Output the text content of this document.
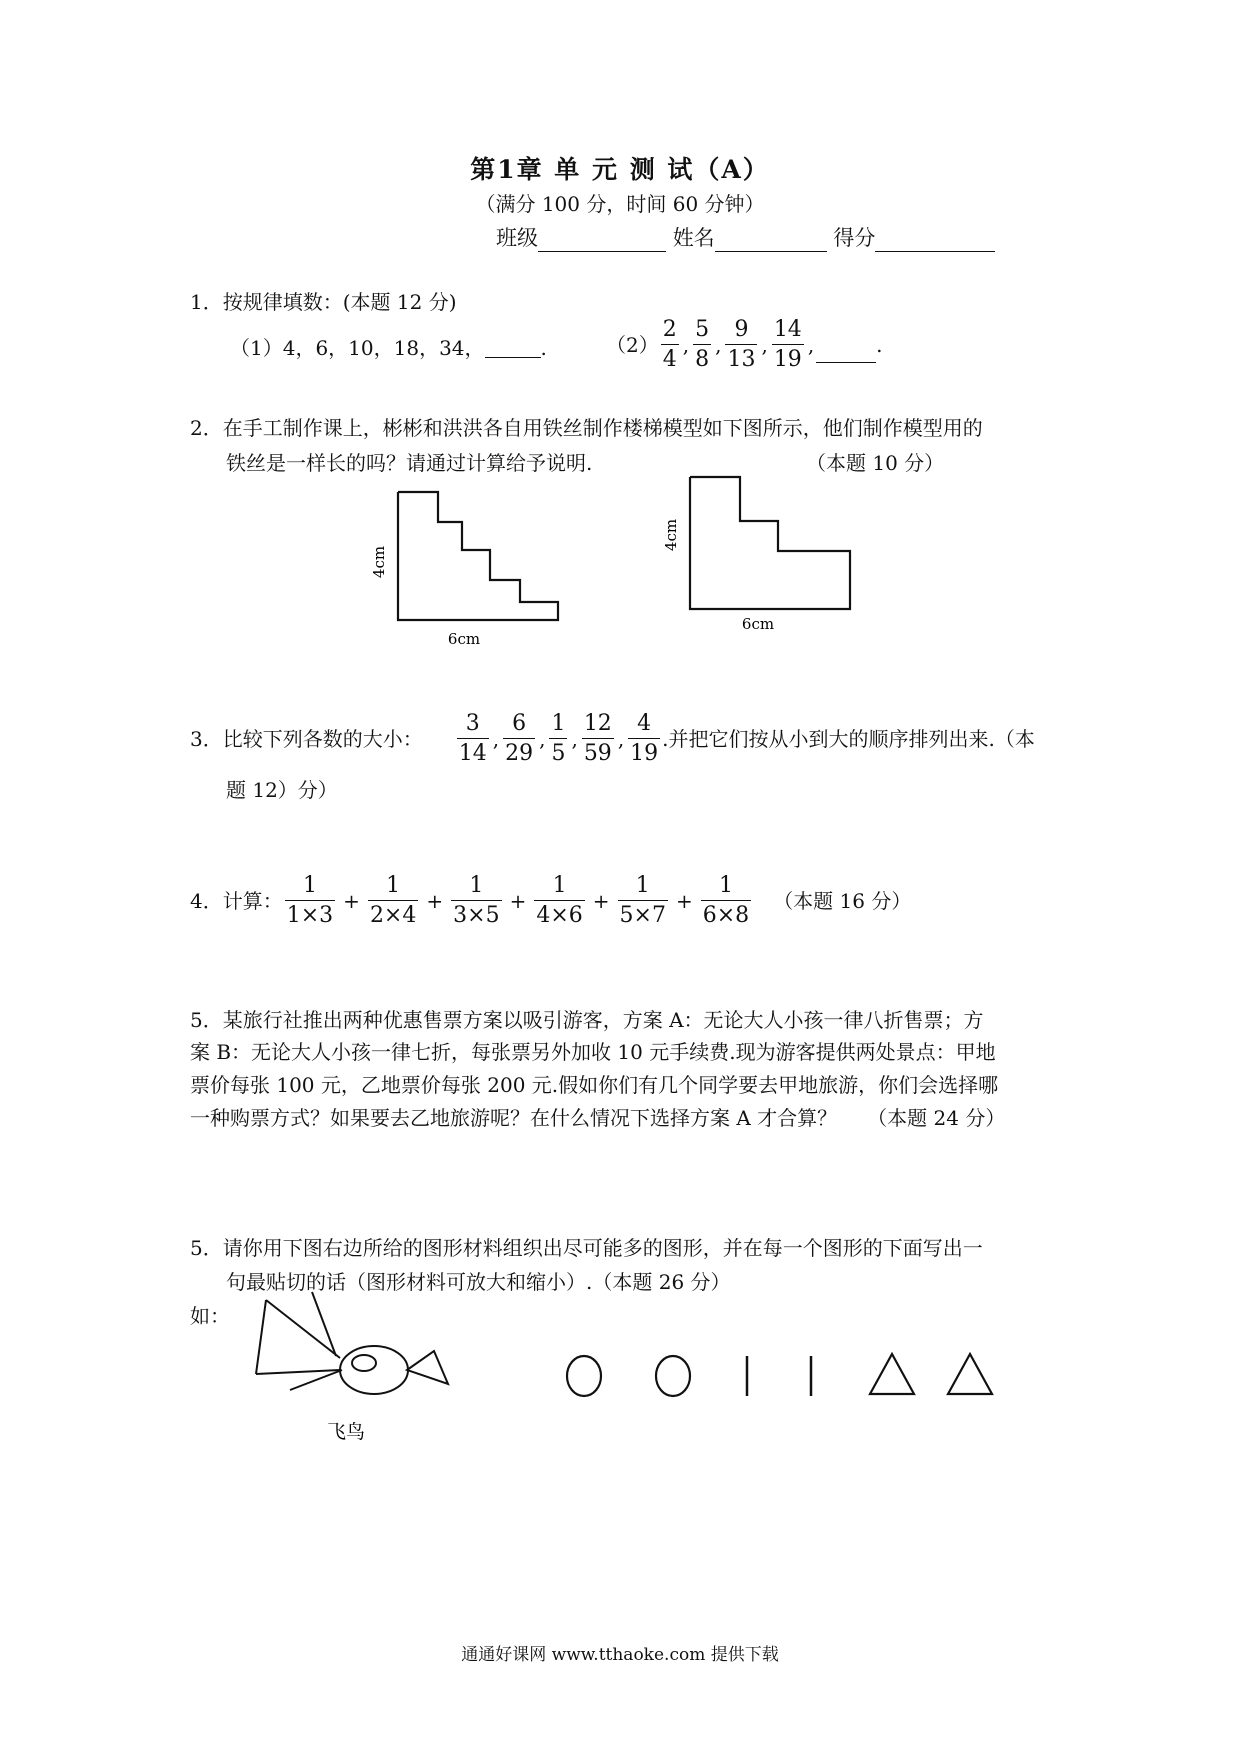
第1章 单 元 测 试（A）
（满分 100 分，时间 60 分钟）
班级	姓名	得分
1．按规律填数：(本题 12 分)
（1）4，6，10，18，34，	.	$(2) \frac{2}{4}$ , $\frac{5}{8}$ , $\frac{9}{13}$ , $\frac{14}{19}$ ,	.
2．在手工制作课上，彬彬和洪洪各自用铁丝制作楼梯模型如下图所示，他们制作模型用的
铁丝是一样长的吗？请通过计算给予说明.	（本题 10 分）
4cm
6cm
4cm
6cm
3．比较下列各数的大小： $\frac{3}{14}$ , $\frac{6}{29}$ , $\frac{1}{5}$ , $\frac{12}{59}$ , $\frac{4}{19}$ .并把它们按从小到大的顺序排列出来.（本
题 12）分）
4．计算： $\frac{1}{1\times 3} + \frac{1}{2\times 4} + \frac{1}{3\times 5} + \frac{1}{4\times 6} + \frac{1}{5\times 7} + \frac{1}{6\times 8}$ （本题 16 分）
5．某旅行社推出两种优惠售票方案以吸引游客，方案 A：无论大人小孩一律八折售票；方
案 B：无论大人小孩一律七折，每张票另外加收 10 元手续费.现为游客提供两处景点：甲地
票价每张 100 元，乙地票价每张 200 元.假如你们有几个同学要去甲地旅游，你们会选择哪
一种购票方式？如果要去乙地旅游呢？在什么情况下选择方案 A 才合算？ （本题 24 分）
5．请你用下图右边所给的图形材料组织出尽可能多的图形，并在每一个图形的下面写出一
句最贴切的话（图形材料可放大和缩小）.（本题 26 分）
如：
飞鸟
通通好课网 www.tthaoke.com 提供下载
